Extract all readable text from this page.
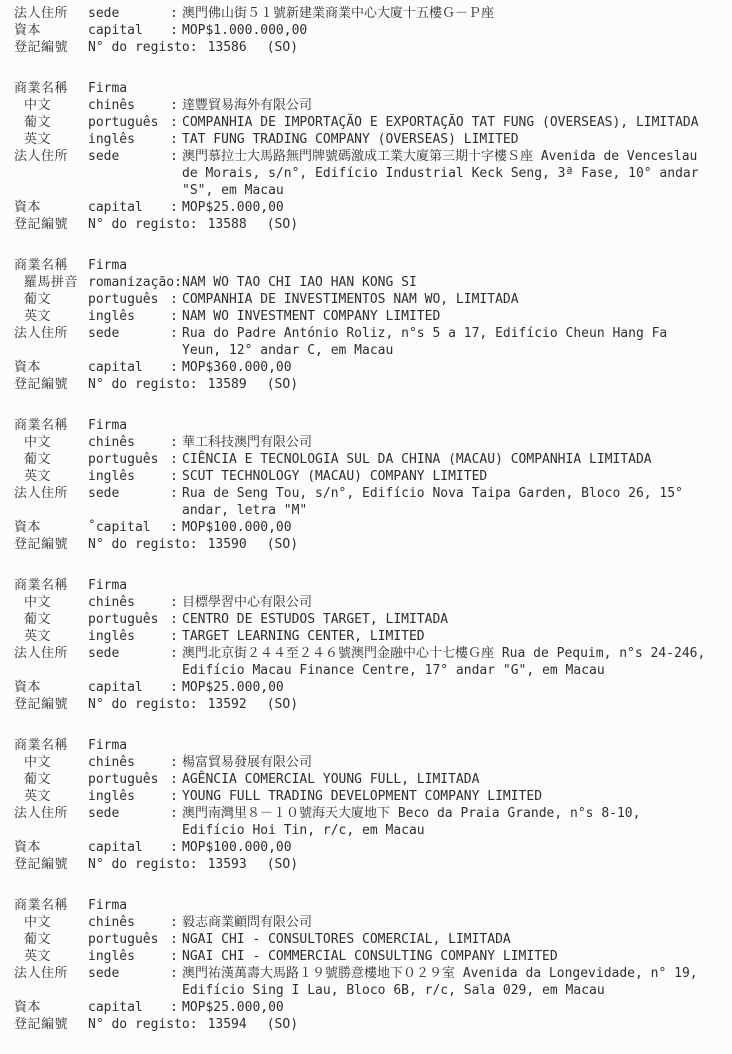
法人住所	sede	: 澳門佛山街５１號新建業商業中心大廈十五樓Ｇ－Ｐ座
資本	capital	: MOP$1.000.000,00
登記編號	N° do registo: 13586 (SO)
商業名稱	Firma
中文	chinês	: 達豐貿易海外有限公司
葡文	português : COMPANHIA DE IMPORTAÇÃO E EXPORTAÇÃO TAT FUNG (OVERSEAS), LIMITADA
英文	inglês	: TAT FUNG TRADING COMPANY (OVERSEAS) LIMITED
法人住所	sede	: 澳門慕拉士大馬路無門牌號碼激成工業大廈第三期十字樓Ｓ座 Avenida de Venceslau de Morais, s/n°, Edifício Industrial Keck Seng, 3ª Fase, 10° andar "S", em Macau
資本	capital	: MOP$25.000,00
登記編號	N° do registo: 13588 (SO)
商業名稱	Firma
羅馬拼音 romanização: NAM WO TAO CHI IAO HAN KONG SI
葡文	português : COMPANHIA DE INVESTIMENTOS NAM WO, LIMITADA
英文	inglês	: NAM WO INVESTMENT COMPANY LIMITED
法人住所	sede	: Rua do Padre António Roliz, n°s 5 a 17, Edifício Cheun Hang Fa Yeun, 12° andar C, em Macau
資本	capital	: MOP$360.000,00
登記編號	N° do registo: 13589 (SO)
商業名稱	Firma
中文	chinês	: 華工科技澳門有限公司
葡文	português : CIÊNCIA E TECNOLOGIA SUL DA CHINA (MACAU) COMPANHIA LIMITADA
英文	inglês	: SCUT TECHNOLOGY (MACAU) COMPANY LIMITED
法人住所	sede	: Rua de Seng Tou, s/n°, Edifício Nova Taipa Garden, Bloco 26, 15° andar, letra "M"
資本	˚capital	: MOP$100.000,00
登記編號	N° do registo: 13590 (SO)
商業名稱	Firma
中文	chinês	: 目標學習中心有限公司
葡文	português : CENTRO DE ESTUDOS TARGET, LIMITADA
英文	inglês	: TARGET LEARNING CENTER, LIMITED
法人住所	sede	: 澳門北京街２４４至２４６號澳門金融中心十七樓Ｇ座 Rua de Pequim, n°s 24-246, Edifício Macau Finance Centre, 17° andar "G", em Macau
資本	capital	: MOP$25.000,00
登記編號	N° do registo: 13592 (SO)
商業名稱	Firma
中文	chinês	: 楊富貿易發展有限公司
葡文	português : AGÊNCIA COMERCIAL YOUNG FULL, LIMITADA
英文	inglês	: YOUNG FULL TRADING DEVELOPMENT COMPANY LIMITED
法人住所	sede	: 澳門南灣里８－１０號海天大廈地下 Beco da Praia Grande, n°s 8-10, Edifício Hoi Tin, r/c, em Macau
資本	capital	: MOP$100.000,00
登記編號	N° do registo: 13593 (SO)
商業名稱	Firma
中文	chinês	: 毅志商業顧問有限公司
葡文	português : NGAI CHI - CONSULTORES COMERCIAL, LIMITADA
英文	inglês	: NGAI CHI - COMMERCIAL CONSULTING COMPANY LIMITED
法人住所	sede	: 澳門祐漢萬壽大馬路１９號勝意樓地下０２９室 Avenida da Longevidade, n° 19, Edifício Sing I Lau, Bloco 6B, r/c, Sala 029, em Macau
資本	capital	: MOP$25.000,00
登記編號	N° do registo: 13594 (SO)
